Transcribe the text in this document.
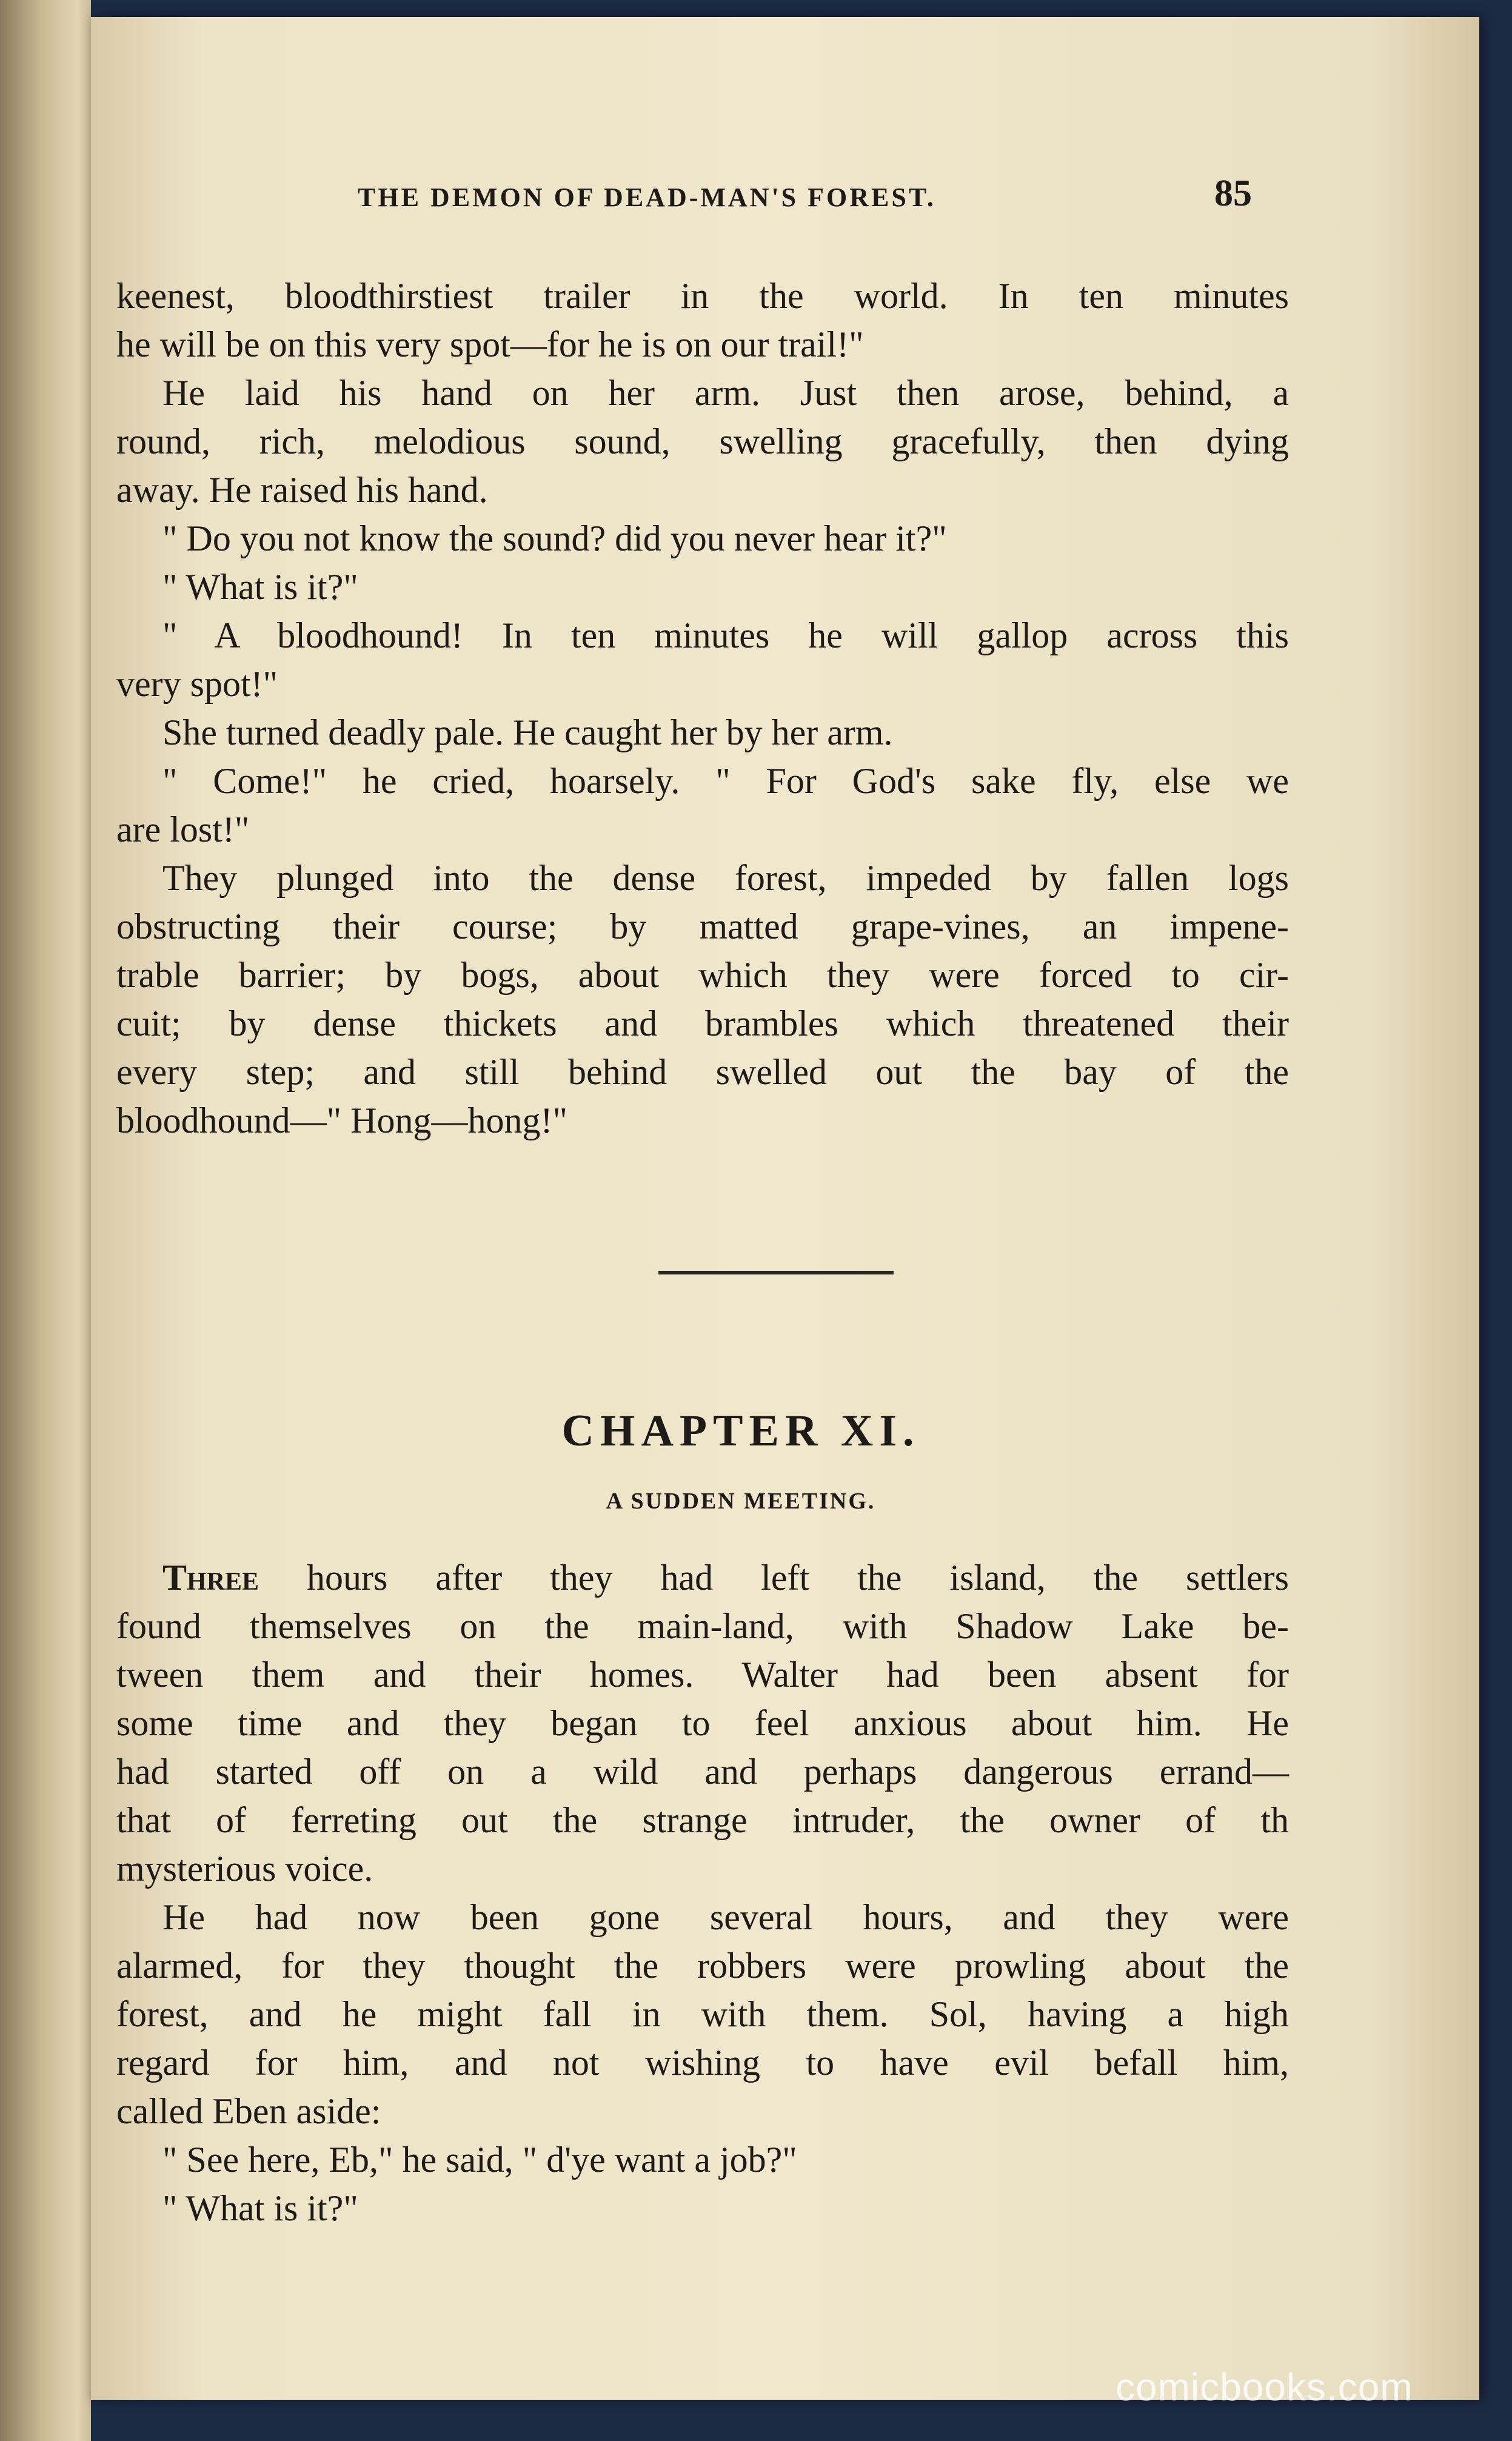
THE DEMON OF DEAD-MAN'S FOREST.	85

keenest, bloodthirstiest trailer in the world. In ten minutes
he will be on this very spot—for he is on our trail!"

He laid his hand on her arm. Just then arose, behind, a
round, rich, melodious sound, swelling gracefully, then dying
away. He raised his hand.

" Do you not know the sound? did you never hear it?"

" What is it?"

" A bloodhound! In ten minutes he will gallop across this
very spot!"

She turned deadly pale. He caught her by her arm.

" Come!" he cried, hoarsely. " For God's sake fly, else we
are lost!"

They plunged into the dense forest, impeded by fallen logs
obstructing their course; by matted grape-vines, an impene-
trable barrier; by bogs, about which they were forced to cir-
cuit; by dense thickets and brambles which threatened their
every step; and still behind swelled out the bay of the
bloodhound—" Hong—hong!"

CHAPTER XI.
A SUDDEN MEETING.

Three hours after they had left the island, the settlers
found themselves on the main-land, with Shadow Lake be-
tween them and their homes. Walter had been absent for
some time and they began to feel anxious about him. He
had started off on a wild and perhaps dangerous errand—
that of ferreting out the strange intruder, the owner of th
mysterious voice.

He had now been gone several hours, and they were
alarmed, for they thought the robbers were prowling about the
forest, and he might fall in with them. Sol, having a high
regard for him, and not wishing to have evil befall him,
called Eben aside:

" See here, Eb," he said, " d'ye want a job?"

" What is it?"

comicbooks.com
